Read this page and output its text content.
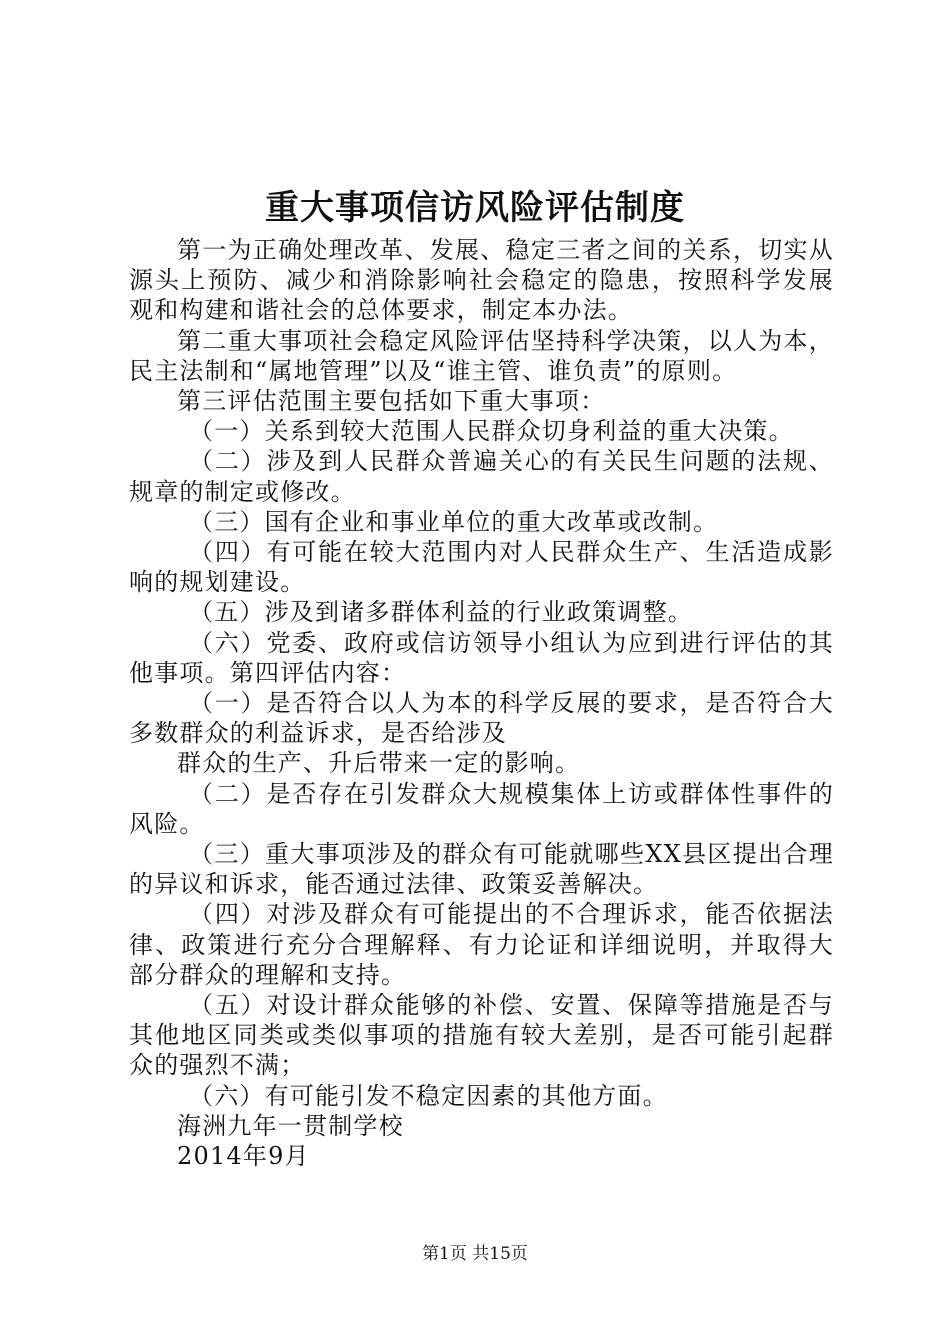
重大事项信访风险评估制度

第一为正确处理改革、发展、稳定三者之间的关系，切实从源头上预防、减少和消除影响社会稳定的隐患，按照科学发展观和构建和谐社会的总体要求，制定本办法。

第二重大事项社会稳定风险评估坚持科学决策，以人为本，民主法制和“属地管理”以及“谁主管、谁负责”的原则。

第三评估范围主要包括如下重大事项：

（一）关系到较大范围人民群众切身利益的重大决策。

（二）涉及到人民群众普遍关心的有关民生问题的法规、规章的制定或修改。

（三）国有企业和事业单位的重大改革或改制。

（四）有可能在较大范围内对人民群众生产、生活造成影响的规划建设。

（五）涉及到诸多群体利益的行业政策调整。

（六）党委、政府或信访领导小组认为应到进行评估的其他事项。第四评估内容：

（一）是否符合以人为本的科学反展的要求，是否符合大多数群众的利益诉求，是否给涉及

群众的生产、升后带来一定的影响。

（二）是否存在引发群众大规模集体上访或群体性事件的风险。

（三）重大事项涉及的群众有可能就哪些XX县区提出合理的异议和诉求，能否通过法律、政策妥善解决。

（四）对涉及群众有可能提出的不合理诉求，能否依据法律、政策进行充分合理解释、有力论证和详细说明，并取得大部分群众的理解和支持。

（五）对设计群众能够的补偿、安置、保障等措施是否与其他地区同类或类似事项的措施有较大差别，是否可能引起群众的强烈不满；

（六）有可能引发不稳定因素的其他方面。

海洲九年一贯制学校

2014年9月

第1页 共15页
